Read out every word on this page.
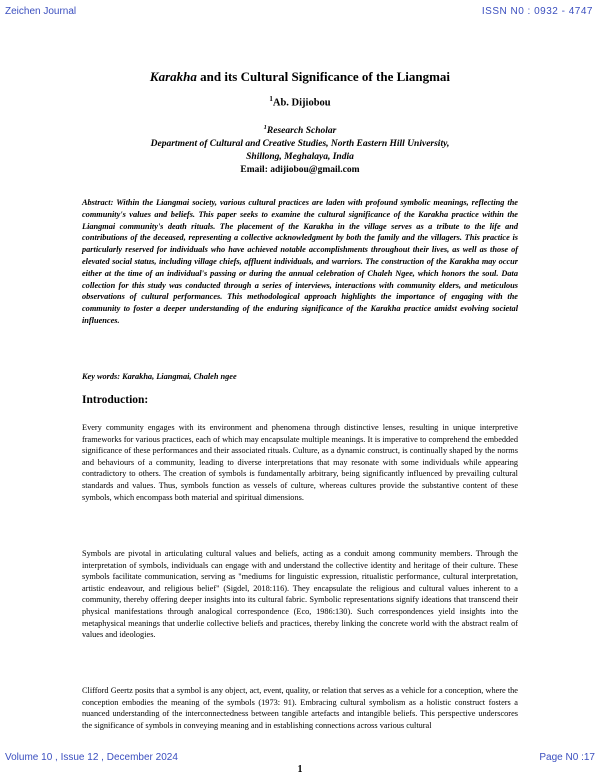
Zeichen Journal	ISSN N0 : 0932 - 4747
Karakha and its Cultural Significance of the Liangmai
$^1$Ab. Dijiobou
$^1$Research Scholar
Department of Cultural and Creative Studies, North Eastern Hill University,
Shillong, Meghalaya, India
Email: adijiobou@gmail.com
Abstract: Within the Liangmai society, various cultural practices are laden with profound symbolic meanings, reflecting the community's values and beliefs. This paper seeks to examine the cultural significance of the Karakha practice within the Liangmai community's death rituals. The placement of the Karakha in the village serves as a tribute to the life and contributions of the deceased, representing a collective acknowledgment by both the family and the villagers. This practice is particularly reserved for individuals who have achieved notable accomplishments throughout their lives, as well as those of elevated social status, including village chiefs, affluent individuals, and warriors. The construction of the Karakha may occur either at the time of an individual's passing or during the annual celebration of Chaleh Ngee, which honors the soul. Data collection for this study was conducted through a series of interviews, interactions with community elders, and meticulous observations of cultural performances. This methodological approach highlights the importance of engaging with the community to foster a deeper understanding of the enduring significance of the Karakha practice amidst evolving societal influences.
Key words: Karakha, Liangmai, Chaleh ngee
Introduction:
Every community engages with its environment and phenomena through distinctive lenses, resulting in unique interpretive frameworks for various practices, each of which may encapsulate multiple meanings. It is imperative to comprehend the embedded significance of these performances and their associated rituals. Culture, as a dynamic construct, is continually shaped by the norms and behaviours of a community, leading to diverse interpretations that may resonate with some individuals while appearing contradictory to others. The creation of symbols is fundamentally arbitrary, being significantly influenced by prevailing cultural standards and values. Thus, symbols function as vessels of culture, whereas cultures provide the substantive content of these symbols, which encompass both material and spiritual dimensions.
Symbols are pivotal in articulating cultural values and beliefs, acting as a conduit among community members. Through the interpretation of symbols, individuals can engage with and understand the collective identity and heritage of their culture. These symbols facilitate communication, serving as "mediums for linguistic expression, ritualistic performance, cultural interpretation, artistic endeavour, and religious belief" (Sigdel, 2018:116). They encapsulate the religious and cultural values inherent to a community, thereby offering deeper insights into its cultural fabric. Symbolic representations signify ideations that transcend their physical manifestations through analogical correspondence (Eco, 1986:130). Such correspondences yield insights into the metaphysical meanings that underlie collective beliefs and practices, thereby linking the concrete world with the abstract realm of values and ideologies.
Clifford Geertz posits that a symbol is any object, act, event, quality, or relation that serves as a vehicle for a conception, where the conception embodies the meaning of the symbols (1973: 91). Embracing cultural symbolism as a holistic construct fosters a nuanced understanding of the interconnectedness between tangible artefacts and intangible beliefs. This perspective underscores the significance of symbols in conveying meaning and in establishing connections across various cultural
Volume 10 , Issue 12 , December 2024	Page N0 :17
1
